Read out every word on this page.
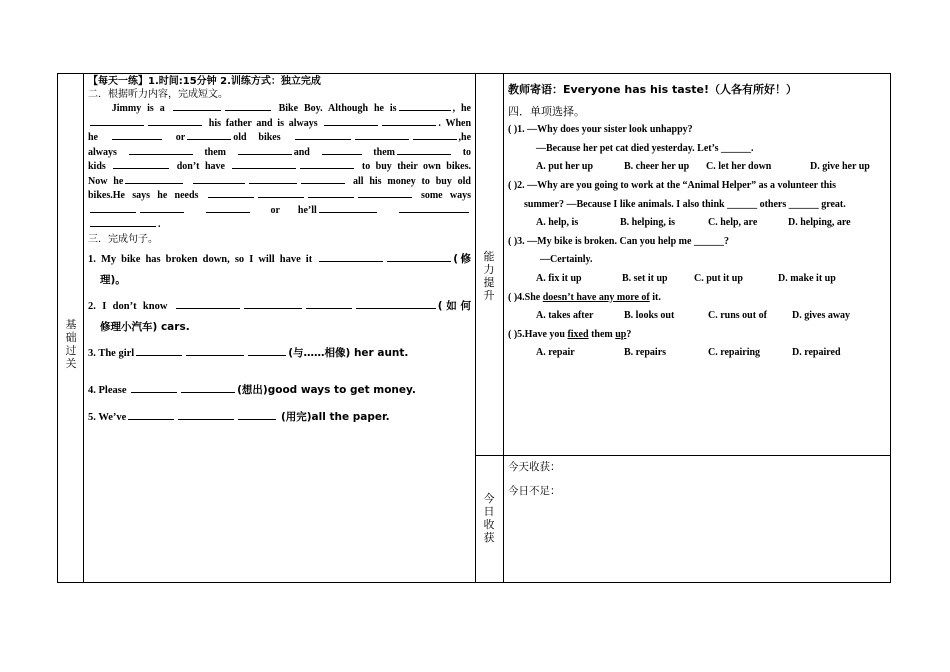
基础过关
能力提升
今日收获

【每天一练】1.时间:15分钟 2.训练方式：独立完成

二．根据听力内容，完成短文。

Jimmy is a	Bike Boy. Although he is	, he

his father and is always	. When

he	or	old bikes	,he

always	them	and	them	to

kids	don’t have	to buy their own bikes.

Now he	all his money to buy old

bikes.He says he needs	some ways

or he’ll

.

三．完成句子。

1. My bike has broken down, so I will have it	(修

理)。

2. I don’t know	(如何

修理小汽车) cars.

3. The girl	(与……相像) her aunt.

4. Please	(想出)good ways to get money.

5. We’ve	(用完)all the paper.

教师寄语：Everyone has his taste!（人各有所好！）

四．单项选择。

( )1. —Why does your sister look unhappy?

—Because her pet cat died yesterday. Let’s ______.

A. put her up	B. cheer her up C. let her down	D. give her up

( )2. —Why are you going to work at the “Animal Helper” as a volunteer this

summer? —Because I like animals. I also think ______ others ______ great.

A. help, is	B. helping, is	C. help, are	D. helping, are

( )3. —My bike is broken. Can you help me ______?

—Certainly.

A. fix it up	B. set it up	C. put it up	D. make it up

( )4.She doesn’t have any more of it.

A. takes after	B. looks out	C. runs out of	D. gives away

( )5.Have you fixed them up?

A. repair	B. repairs	C. repairing	D. repaired

今天收获：

今日不足：
